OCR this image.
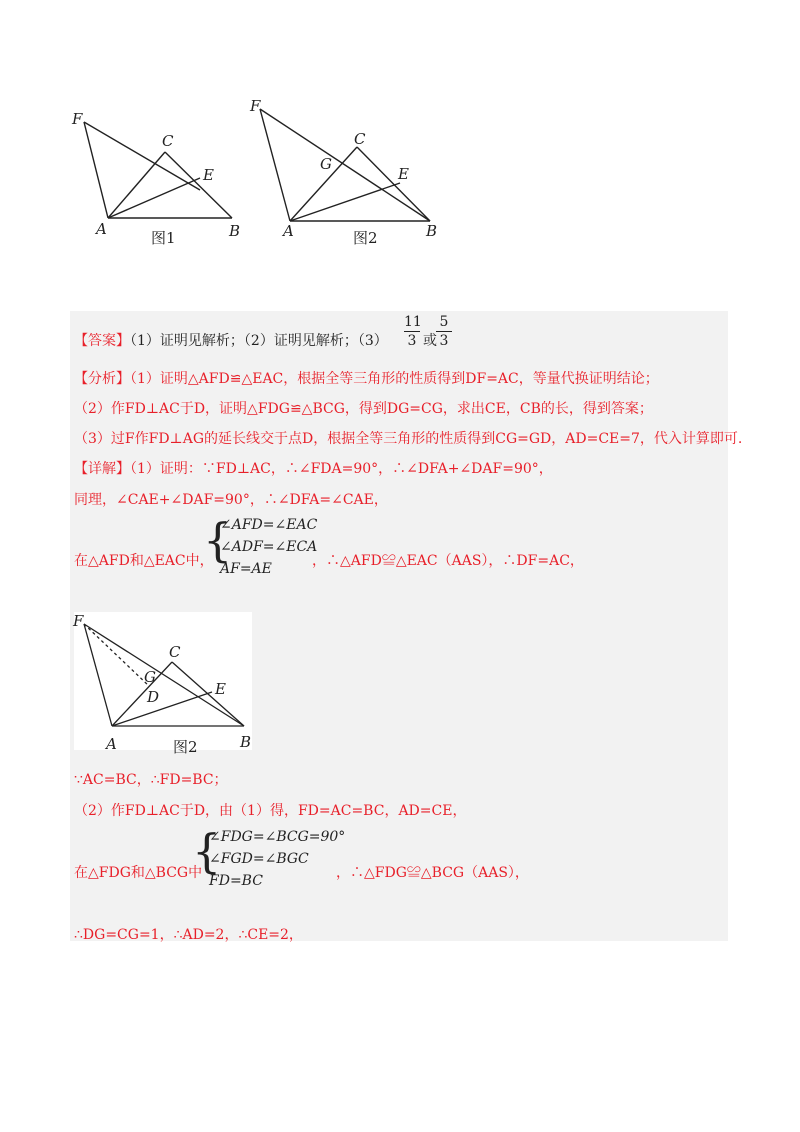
F
C
E
A	B
图1
F
C
G
E
A	B
图2
【答案】（1）证明见解析；（2）证明见解析；（3）
11
3 或
5
3
【分析】（1）证明△AFD≌△EAC，根据全等三角形的性质得到DF=AC，等量代换证明结论；
（2）作FD⊥AC于D，证明△FDG≌△BCG，得到DG=CG，求出CE，CB的长，得到答案；
（3）过F作FD⊥AG的延长线交于点D，根据全等三角形的性质得到CG=GD，AD=CE=7，代入计算即可.
【详解】（1）证明：∵FD⊥AC，∴∠FDA=90°，∴∠DFA+∠DAF=90°，
同理，∠CAE+∠DAF=90°，∴∠DFA=∠CAE，
在△AFD和△EAC中，
{
∠AFD=∠EAC
∠ADF=∠ECA
AF=AE	，∴△AFD≌△EAC（AAS），∴DF=AC，
F
C
G
D	E
A	B
图2
∵AC=BC，∴FD=BC；
（2）作FD⊥AC于D，由（1）得，FD=AC=BC，AD=CE，
在△FDG和△BCG中
{
∠FDG=∠BCG=90°
∠FGD=∠BGC
FD=BC	，∴△FDG≌△BCG（AAS），
∴DG=CG=1，∴AD=2，∴CE=2，
